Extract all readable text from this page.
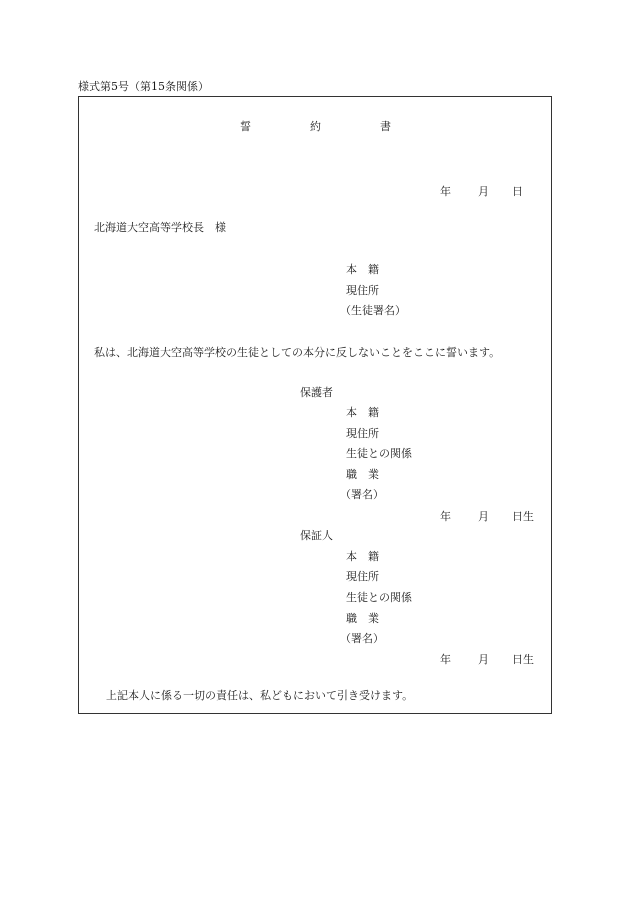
様式第5号（第15条関係）
誓	約	書
年 月 日
北海道大空高等学校長　様
本　籍
現住所
（生徒署名）
私は、北海道大空高等学校の生徒としての本分に反しないことをここに誓います。
保護者
本　籍
現住所
生徒との関係
職　業
（署名）
年 月 日生
保証人
本　籍
現住所
生徒との関係
職　業
（署名）
年 月 日生
上記本人に係る一切の責任は、私どもにおいて引き受けます。
